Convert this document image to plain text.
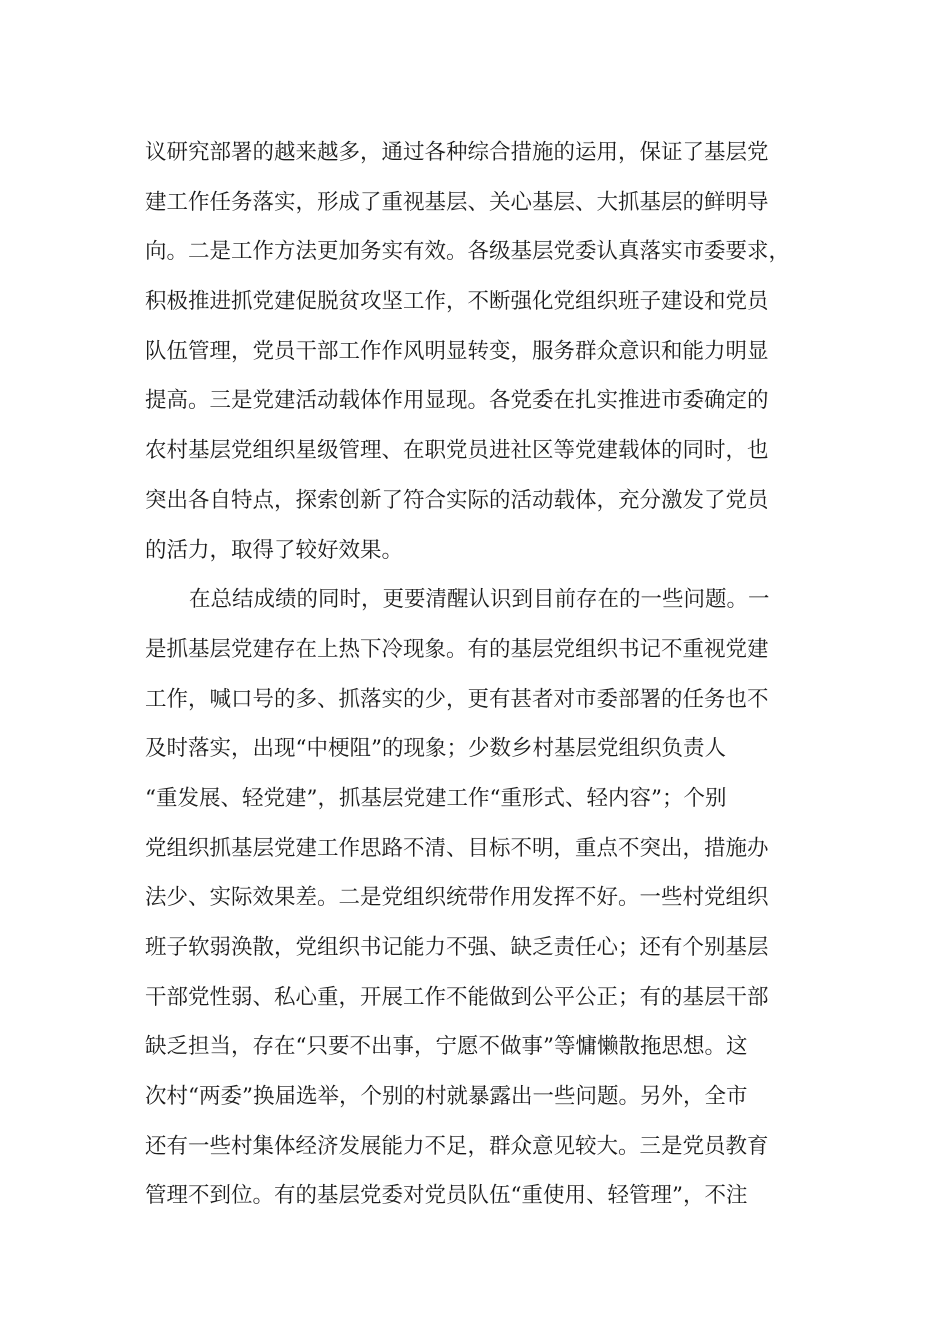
议研究部署的越来越多，通过各种综合措施的运用，保证了基层党
建工作任务落实，形成了重视基层、关心基层、大抓基层的鲜明导
向。二是工作方法更加务实有效。各级基层党委认真落实市委要求，
积极推进抓党建促脱贫攻坚工作，不断强化党组织班子建设和党员
队伍管理，党员干部工作作风明显转变，服务群众意识和能力明显
提高。三是党建活动载体作用显现。各党委在扎实推进市委确定的
农村基层党组织星级管理、在职党员进社区等党建载体的同时，也
突出各自特点，探索创新了符合实际的活动载体，充分激发了党员
的活力，取得了较好效果。
在总结成绩的同时，更要清醒认识到目前存在的一些问题。一
是抓基层党建存在上热下冷现象。有的基层党组织书记不重视党建
工作，喊口号的多、抓落实的少，更有甚者对市委部署的任务也不
及时落实，出现“中梗阻”的现象；少数乡村基层党组织负责人
“重发展、轻党建”，抓基层党建工作“重形式、轻内容”；个别
党组织抓基层党建工作思路不清、目标不明，重点不突出，措施办
法少、实际效果差。二是党组织统带作用发挥不好。一些村党组织
班子软弱涣散，党组织书记能力不强、缺乏责任心；还有个别基层
干部党性弱、私心重，开展工作不能做到公平公正；有的基层干部
缺乏担当，存在“只要不出事，宁愿不做事”等慵懒散拖思想。这
次村“两委”换届选举，个别的村就暴露出一些问题。另外，全市
还有一些村集体经济发展能力不足，群众意见较大。三是党员教育
管理不到位。有的基层党委对党员队伍“重使用、轻管理”，不注
